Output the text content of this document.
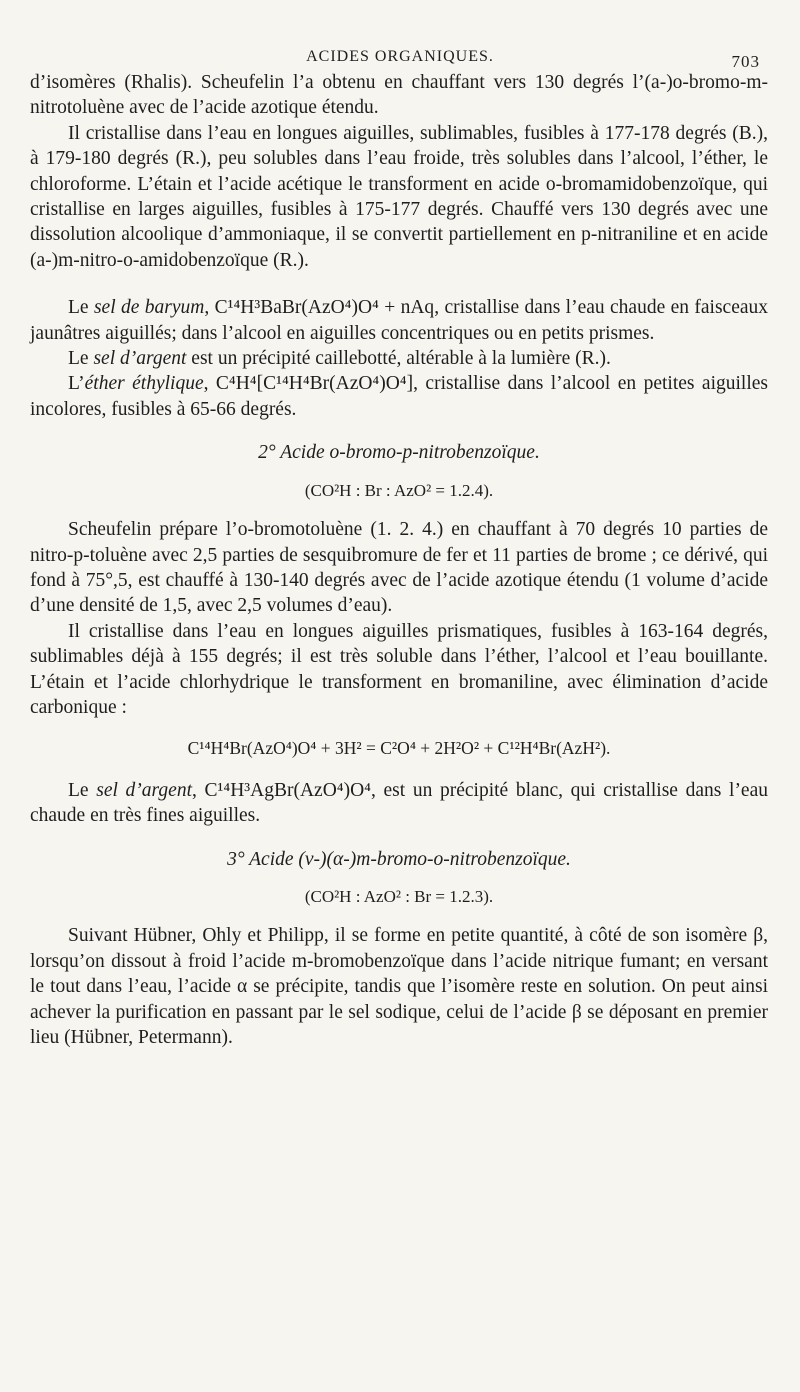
ACIDES ORGANIQUES.	703

d’isomères (Rhalis). Scheufelin l’a obtenu en chauffant vers 130 degrés l’(a-)o-bromo-m-nitrotoluène avec de l’acide azotique étendu.

Il cristallise dans l’eau en longues aiguilles, sublimables, fusibles à 177-178 degrés (B.), à 179-180 degrés (R.), peu solubles dans l’eau froide, très solubles dans l’alcool, l’éther, le chloroforme. L’étain et l’acide acétique le transforment en acide o-bromamidobenzoïque, qui cristallise en larges aiguilles, fusibles à 175-177 degrés. Chauffé vers 130 degrés avec une dissolution alcoolique d’ammoniaque, il se convertit partiellement en p-nitraniline et en acide (a-)m-nitro-o-amidobenzoïque (R.).

Le sel de baryum, C¹⁴H³BaBr(AzO⁴)O⁴ + nAq, cristallise dans l’eau chaude en faisceaux jaunâtres aiguillés; dans l’alcool en aiguilles concentriques ou en petits prismes.

Le sel d’argent est un précipité caillebotté, altérable à la lumière (R.).

L’éther éthylique, C⁴H⁴[C¹⁴H⁴Br(AzO⁴)O⁴], cristallise dans l’alcool en petites aiguilles incolores, fusibles à 65-66 degrés.

2° Acide o-bromo-p-nitrobenzoïque.

(CO²H : Br : AzO² = 1.2.4).

Scheufelin prépare l’o-bromotoluène (1. 2. 4.) en chauffant à 70 degrés 10 parties de nitro-p-toluène avec 2,5 parties de sesquibromure de fer et 11 parties de brome ; ce dérivé, qui fond à 75°,5, est chauffé à 130-140 degrés avec de l’acide azotique étendu (1 volume d’acide d’une densité de 1,5, avec 2,5 volumes d’eau).

Il cristallise dans l’eau en longues aiguilles prismatiques, fusibles à 163-164 degrés, sublimables déjà à 155 degrés; il est très soluble dans l’éther, l’alcool et l’eau bouillante. L’étain et l’acide chlorhydrique le transforment en bromaniline, avec élimination d’acide carbonique :

C¹⁴H⁴Br(AzO⁴)O⁴ + 3H² = C²O⁴ + 2H²O² + C¹²H⁴Br(AzH²).

Le sel d’argent, C¹⁴H³AgBr(AzO⁴)O⁴, est un précipité blanc, qui cristallise dans l’eau chaude en très fines aiguilles.

3° Acide (v-)(α-)m-bromo-o-nitrobenzoïque.

(CO²H : AzO² : Br = 1.2.3).

Suivant Hübner, Ohly et Philipp, il se forme en petite quantité, à côté de son isomère β, lorsqu’on dissout à froid l’acide m-bromobenzoïque dans l’acide nitrique fumant; en versant le tout dans l’eau, l’acide α se précipite, tandis que l’isomère reste en solution. On peut ainsi achever la purification en passant par le sel sodique, celui de l’acide β se déposant en premier lieu (Hübner, Petermann).
